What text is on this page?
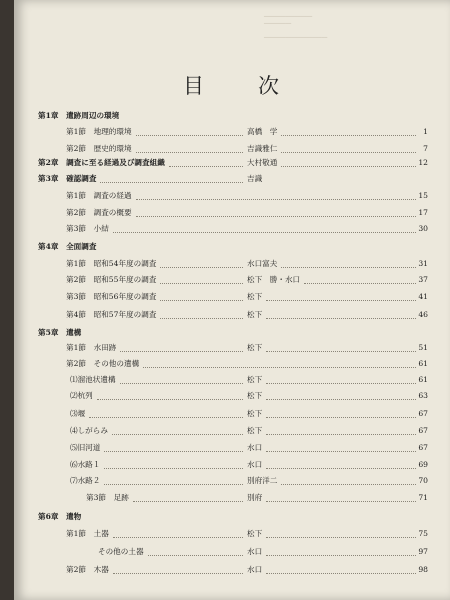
━━━━━━━━━━━━━━━━
━━━━━━━━━

━━━━━━━━━━━━━━━━━━━━━
目 次
第1章　遺跡周辺の環境
第1節　地理的環境	高橋　学	1
第2節　歴史的環境	吉識雅仁	7
第2章　調査に至る経過及び調査組織	大村敬通	12
第3章　確認調査	吉識
第1節　調査の経過	15
第2節　調査の概要	17
第3節　小結	30
第4章　全面調査
第1節　昭和54年度の調査	水口富夫	31
第2節　昭和55年度の調査	松下　勝・水口	37
第3節　昭和56年度の調査	松下	41
第4節　昭和57年度の調査	松下	46
第5章　遺構
第1節　水田跡	松下	51
第2節　その他の遺構	61
⑴溜池状遺構	松下	61
⑵杭列	松下	63
⑶堰	松下	67
⑷しがらみ	松下	67
⑸旧河道	水口	67
⑹水路１	水口	69
⑺水路２	別府洋二	70
第3節　足跡	別府	71
第6章　遺物
第1節　土器	松下	75
その他の土器	水口	97
第2節　木器	水口	98
